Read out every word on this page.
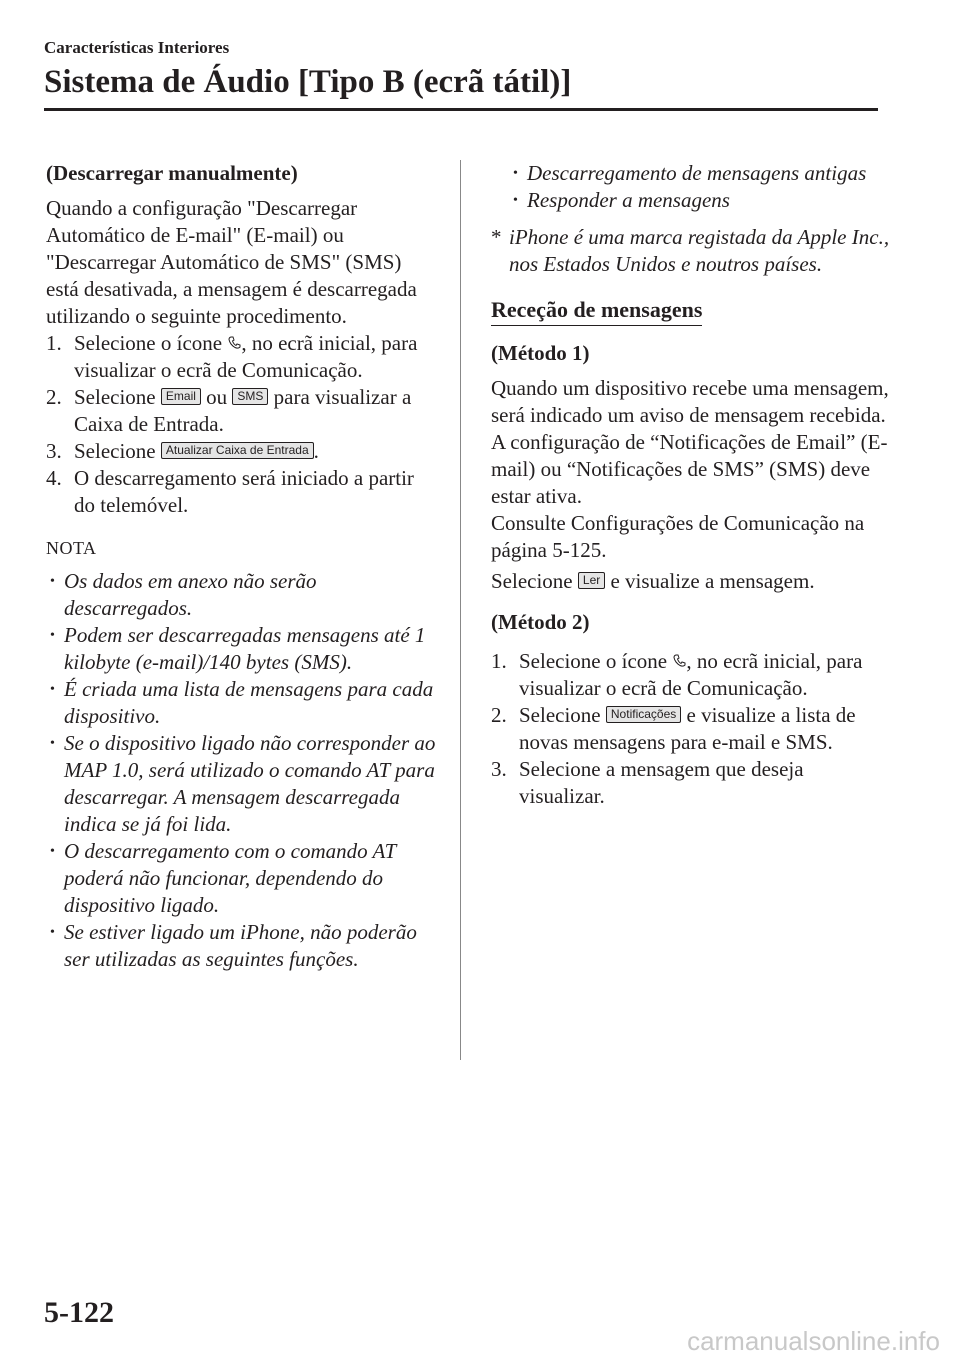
Características Interiores
Sistema de Áudio [Tipo B (ecrã tátil)]
(Descarregar manualmente)

Quando a configuração "Descarregar Automático de E-mail" (E-mail) ou "Descarregar Automático de SMS" (SMS) está desativada, a mensagem é descarregada utilizando o seguinte procedimento.

1. Selecione o ícone , no ecrã inicial, para visualizar o ecrã de Comunicação.
2. Selecione Email ou SMS para visualizar a Caixa de Entrada.
3. Selecione Atualizar Caixa de Entrada .
4. O descarregamento será iniciado a partir do telemóvel.
NOTA
• Os dados em anexo não serão descarregados.
• Podem ser descarregadas mensagens até 1 kilobyte (e-mail)/140 bytes (SMS).
• É criada uma lista de mensagens para cada dispositivo.
• Se o dispositivo ligado não corresponder ao MAP 1.0, será utilizado o comando AT para descarregar. A mensagem descarregada indica se já foi lida.
• O descarregamento com o comando AT poderá não funcionar, dependendo do dispositivo ligado.
• Se estiver ligado um iPhone, não poderão ser utilizadas as seguintes funções.
• Descarregamento de mensagens antigas
• Responder a mensagens
* iPhone é uma marca registada da Apple Inc., nos Estados Unidos e noutros países.
Receção de mensagens
(Método 1)

Quando um dispositivo recebe uma mensagem, será indicado um aviso de mensagem recebida. A configuração de “Notificações de Email” (E-mail) ou “Notificações de SMS” (SMS) deve estar ativa.

Consulte Configurações de Comunicação na página 5-125.

Selecione Ler e visualize a mensagem.

(Método 2)
1. Selecione o ícone , no ecrã inicial, para visualizar o ecrã de Comunicação.
2. Selecione Notificações e visualize a lista de novas mensagens para e-mail e SMS.
3. Selecione a mensagem que deseja visualizar.
5-122
carmanualsonline.info
